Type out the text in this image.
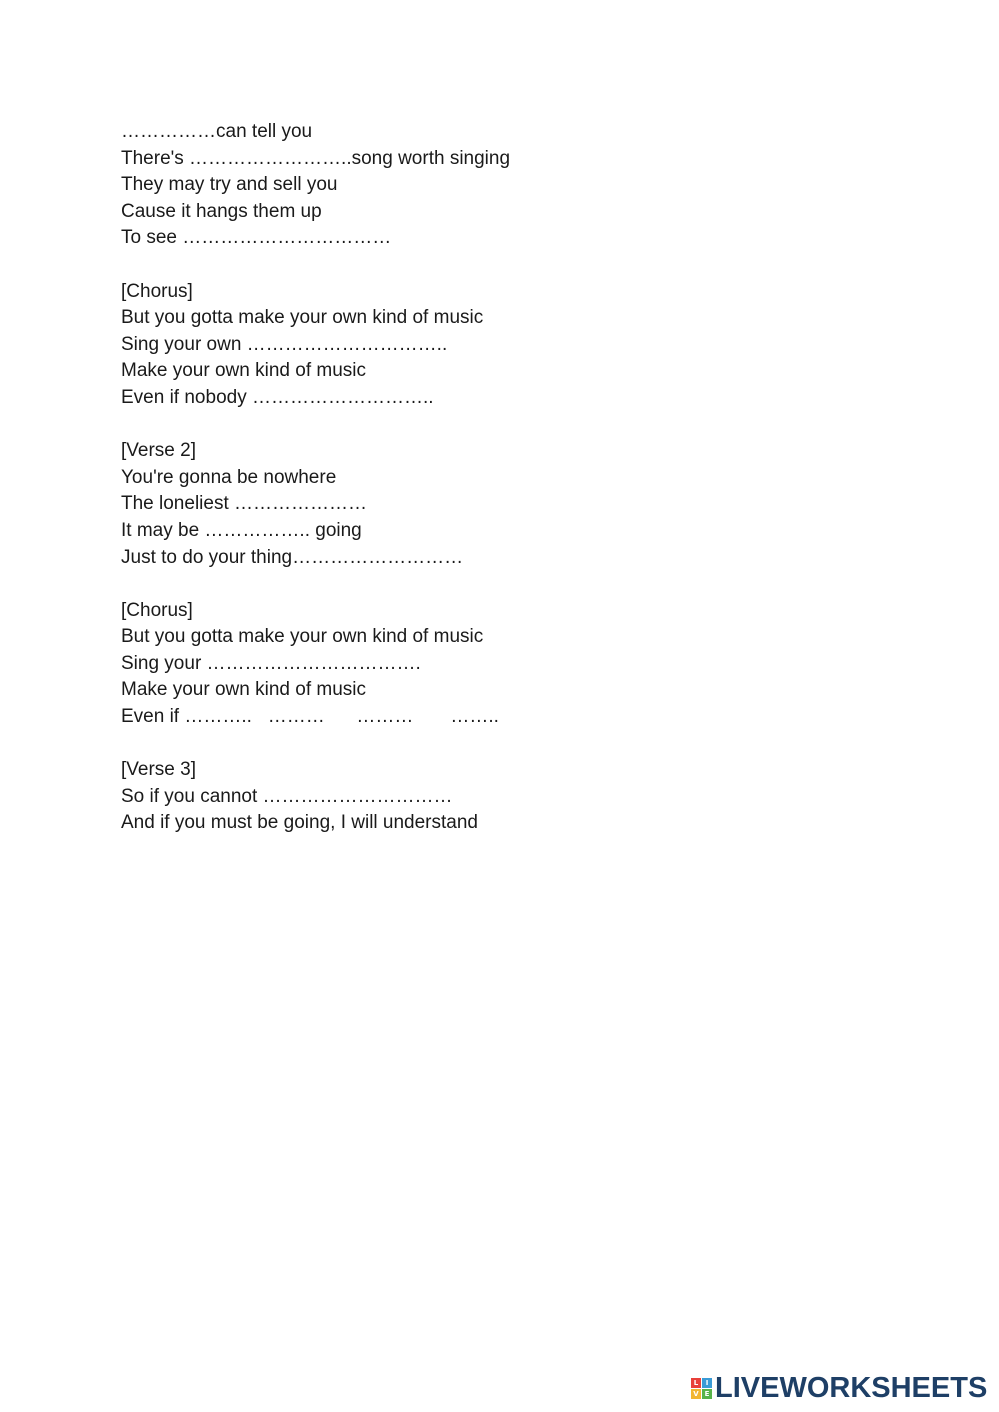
……………can tell you
There's ……………………..song worth singing
They may try and sell you
Cause it hangs them up
To see ……………………………
[Chorus]
But you gotta make your own kind of music
Sing your own …………………………..
Make your own kind of music
Even if nobody ………………………..
[Verse 2]
You're gonna be nowhere
The loneliest …………………
It may be …………….. going
Just to do your thing………………………
[Chorus]
But you gotta make your own kind of music
Sing your …………………………….
Make your own kind of music
Even if ………..   ………      ………       ……..
[Verse 3]
So if you cannot …………………………
And if you must be going, I will understand
L	I
V E LIVEWORKSHEETS
